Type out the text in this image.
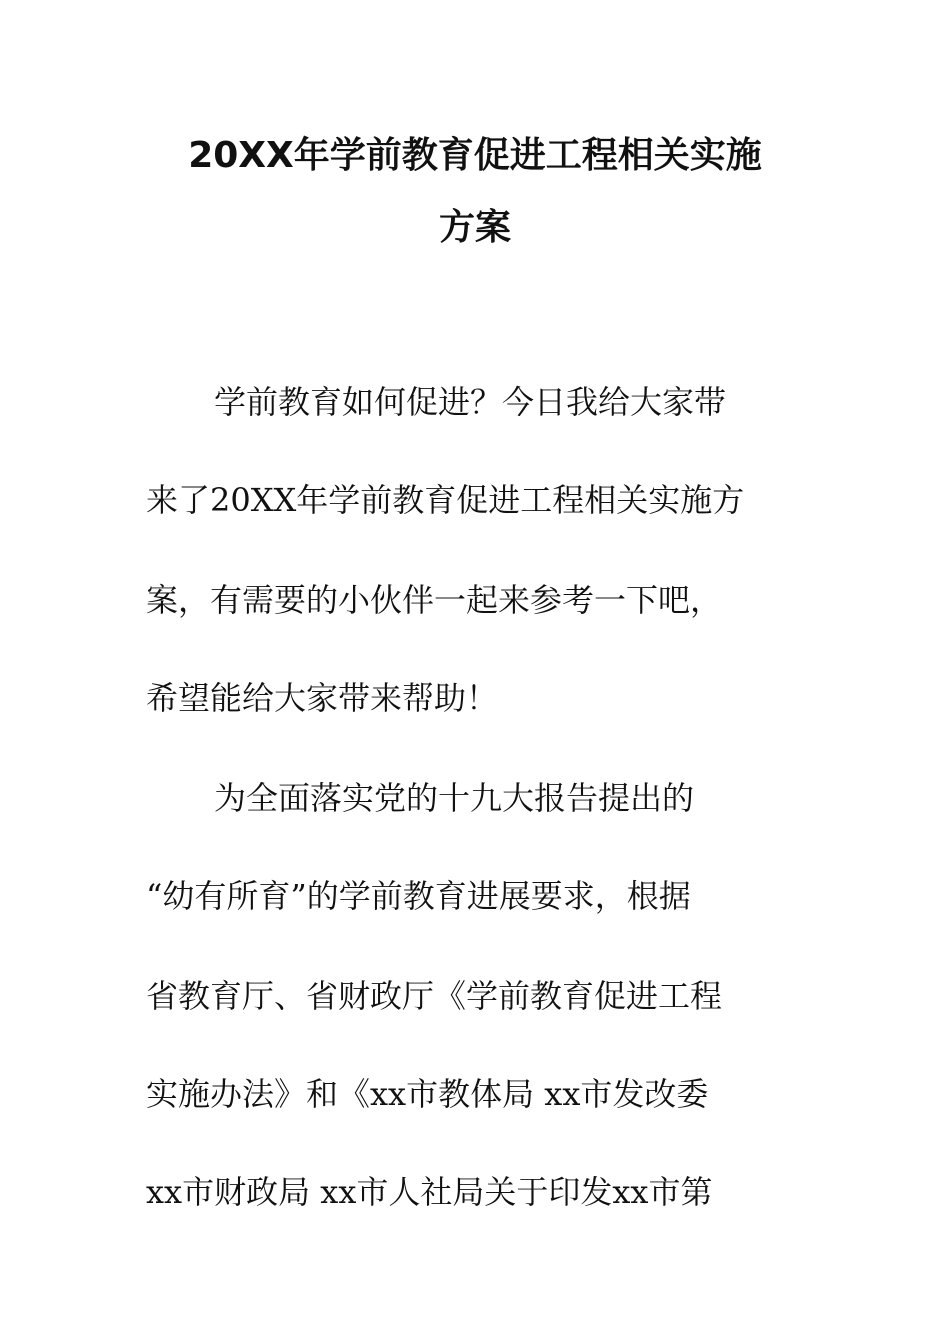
20XX年学前教育促进工程相关实施
方案
学前教育如何促进？今日我给大家带
来了20XX年学前教育促进工程相关实施方
案，有需要的小伙伴一起来参考一下吧，
希望能给大家带来帮助！
为全面落实党的十九大报告提出的
“幼有所育”的学前教育进展要求，根据
省教育厅、省财政厅《学前教育促进工程
实施办法》和《xx市教体局 xx市发改委
xx市财政局 xx市人社局关于印发xx市第
